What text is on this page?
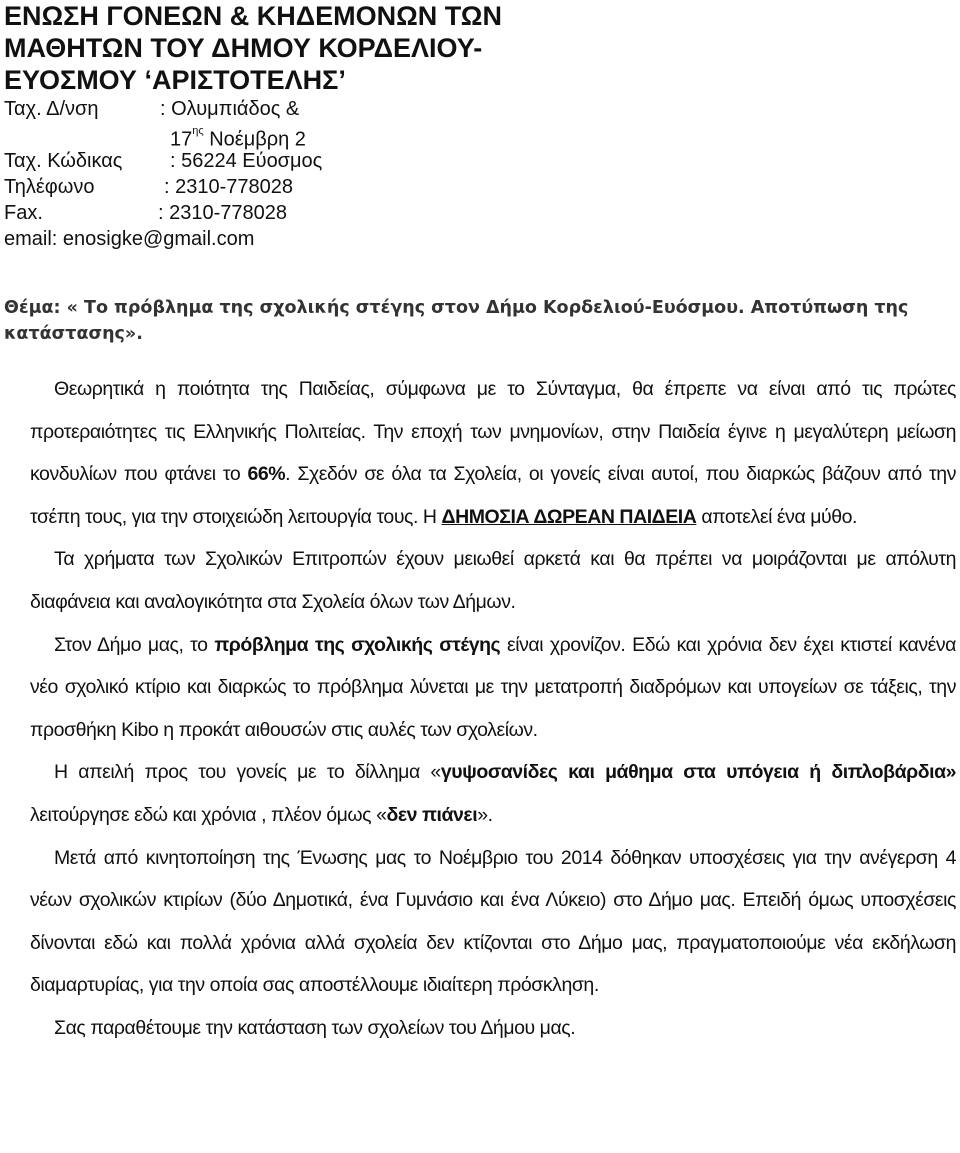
ΕΝΩΣΗ ΓΟΝΕΩΝ & ΚΗΔΕΜΟΝΩΝ ΤΩΝ
ΜΑΘΗΤΩΝ ΤΟΥ ΔΗΜΟΥ ΚΟΡΔΕΛΙΟΥ-
ΕΥΟΣΜΟΥ ‘ΑΡΙΣΤΟΤΕΛΗΣ’
Ταχ. Δ/νση	: Ολυμπιάδος &
$17^{\eta\varsigma}$ Νοέμβρη 2
Ταχ. Κώδικας	: 56224 Εύοσμος
Τηλέφωνο	: 2310-778028
Fax.	: 2310-778028
email: enosigke@gmail.com
Θέμα: « Το πρόβλημα της σχολικής στέγης στον Δήμο Κορδελιού-Ευόσμου. Αποτύπωση της κατάστασης».

Θεωρητικά η ποιότητα της Παιδείας, σύμφωνα με το Σύνταγμα, θα έπρεπε να είναι από τις πρώτες προτεραιότητες τις Ελληνικής Πολιτείας. Την εποχή των μνημονίων, στην Παιδεία έγινε η μεγαλύτερη μείωση κονδυλίων που φτάνει το 66%. Σχεδόν σε όλα τα Σχολεία, οι γονείς είναι αυτοί, που διαρκώς βάζουν από την τσέπη τους, για την στοιχειώδη λειτουργία τους. Η ΔΗΜΟΣΙΑ ΔΩΡΕΑΝ ΠΑΙΔΕΙΑ αποτελεί ένα μύθο.

Τα χρήματα των Σχολικών Επιτροπών έχουν μειωθεί αρκετά και θα πρέπει να μοιράζονται με απόλυτη διαφάνεια και αναλογικότητα στα Σχολεία όλων των Δήμων.

Στον Δήμο μας, το πρόβλημα της σχολικής στέγης είναι χρονίζον. Εδώ και χρόνια δεν έχει κτιστεί κανένα νέο σχολικό κτίριο και διαρκώς το πρόβλημα λύνεται με την μετατροπή διαδρόμων και υπογείων σε τάξεις, την προσθήκη Kibo η προκάτ αιθουσών στις αυλές των σχολείων.

Η απειλή προς του γονείς με το δίλλημα «γυψοσανίδες και μάθημα στα υπόγεια ή διπλοβάρδια» λειτούργησε εδώ και χρόνια , πλέον όμως «δεν πιάνει».

Μετά από κινητοποίηση της Ένωσης μας το Νοέμβριο του 2014 δόθηκαν υποσχέσεις για την ανέγερση 4 νέων σχολικών κτιρίων (δύο Δημοτικά, ένα Γυμνάσιο και ένα Λύκειο) στο Δήμο μας. Επειδή όμως υποσχέσεις δίνονται εδώ και πολλά χρόνια αλλά σχολεία δεν κτίζονται στο Δήμο μας, πραγματοποιούμε νέα εκδήλωση διαμαρτυρίας, για την οποία σας αποστέλλουμε ιδιαίτερη πρόσκληση.

Σας παραθέτουμε την κατάσταση των σχολείων του Δήμου μας.
